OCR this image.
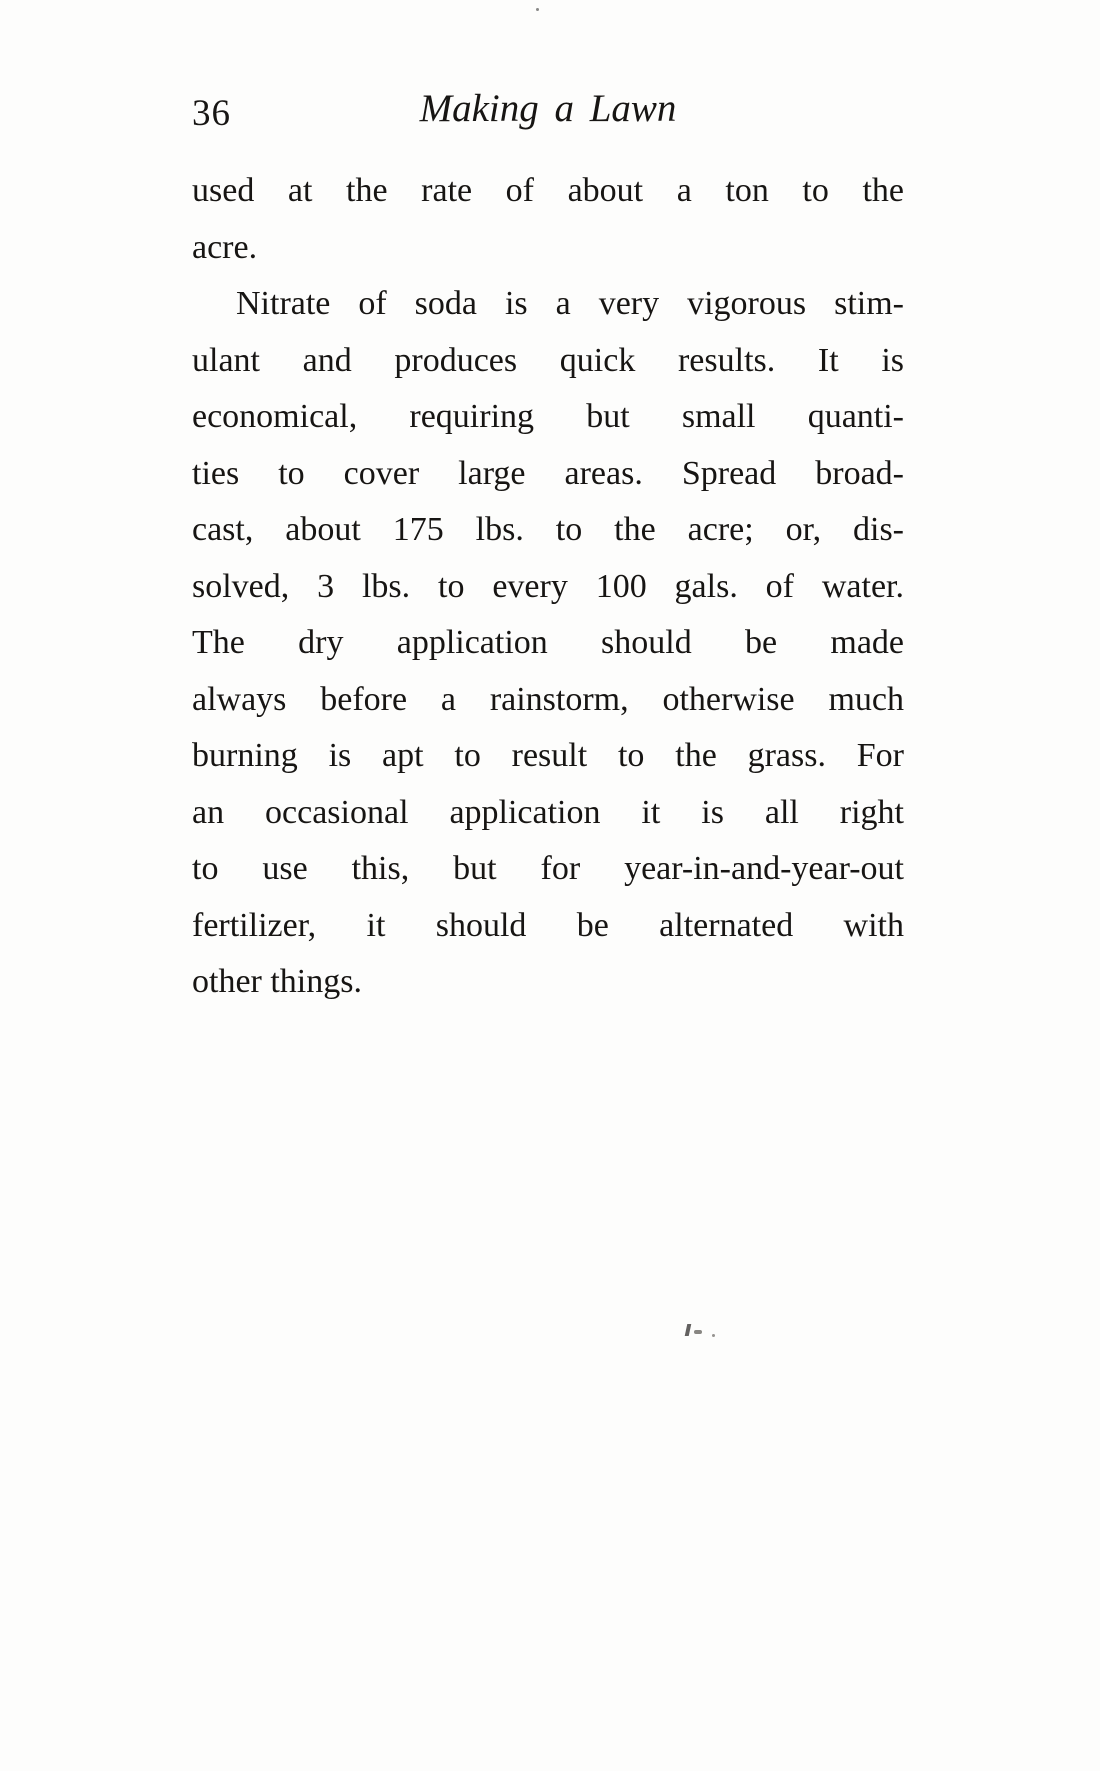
36	Making a Lawn
used at the rate of about a ton to the
acre.
Nitrate of soda is a very vigorous stim-
ulant and produces quick results. It is
economical, requiring but small quanti-
ties to cover large areas. Spread broad-
cast, about 175 lbs. to the acre; or, dis-
solved, 3 lbs. to every 100 gals. of water.
The dry application should be made
always before a rainstorm, otherwise much
burning is apt to result to the grass. For
an occasional application it is all right
to use this, but for year-in-and-year-out
fertilizer, it should be alternated with
other things.
